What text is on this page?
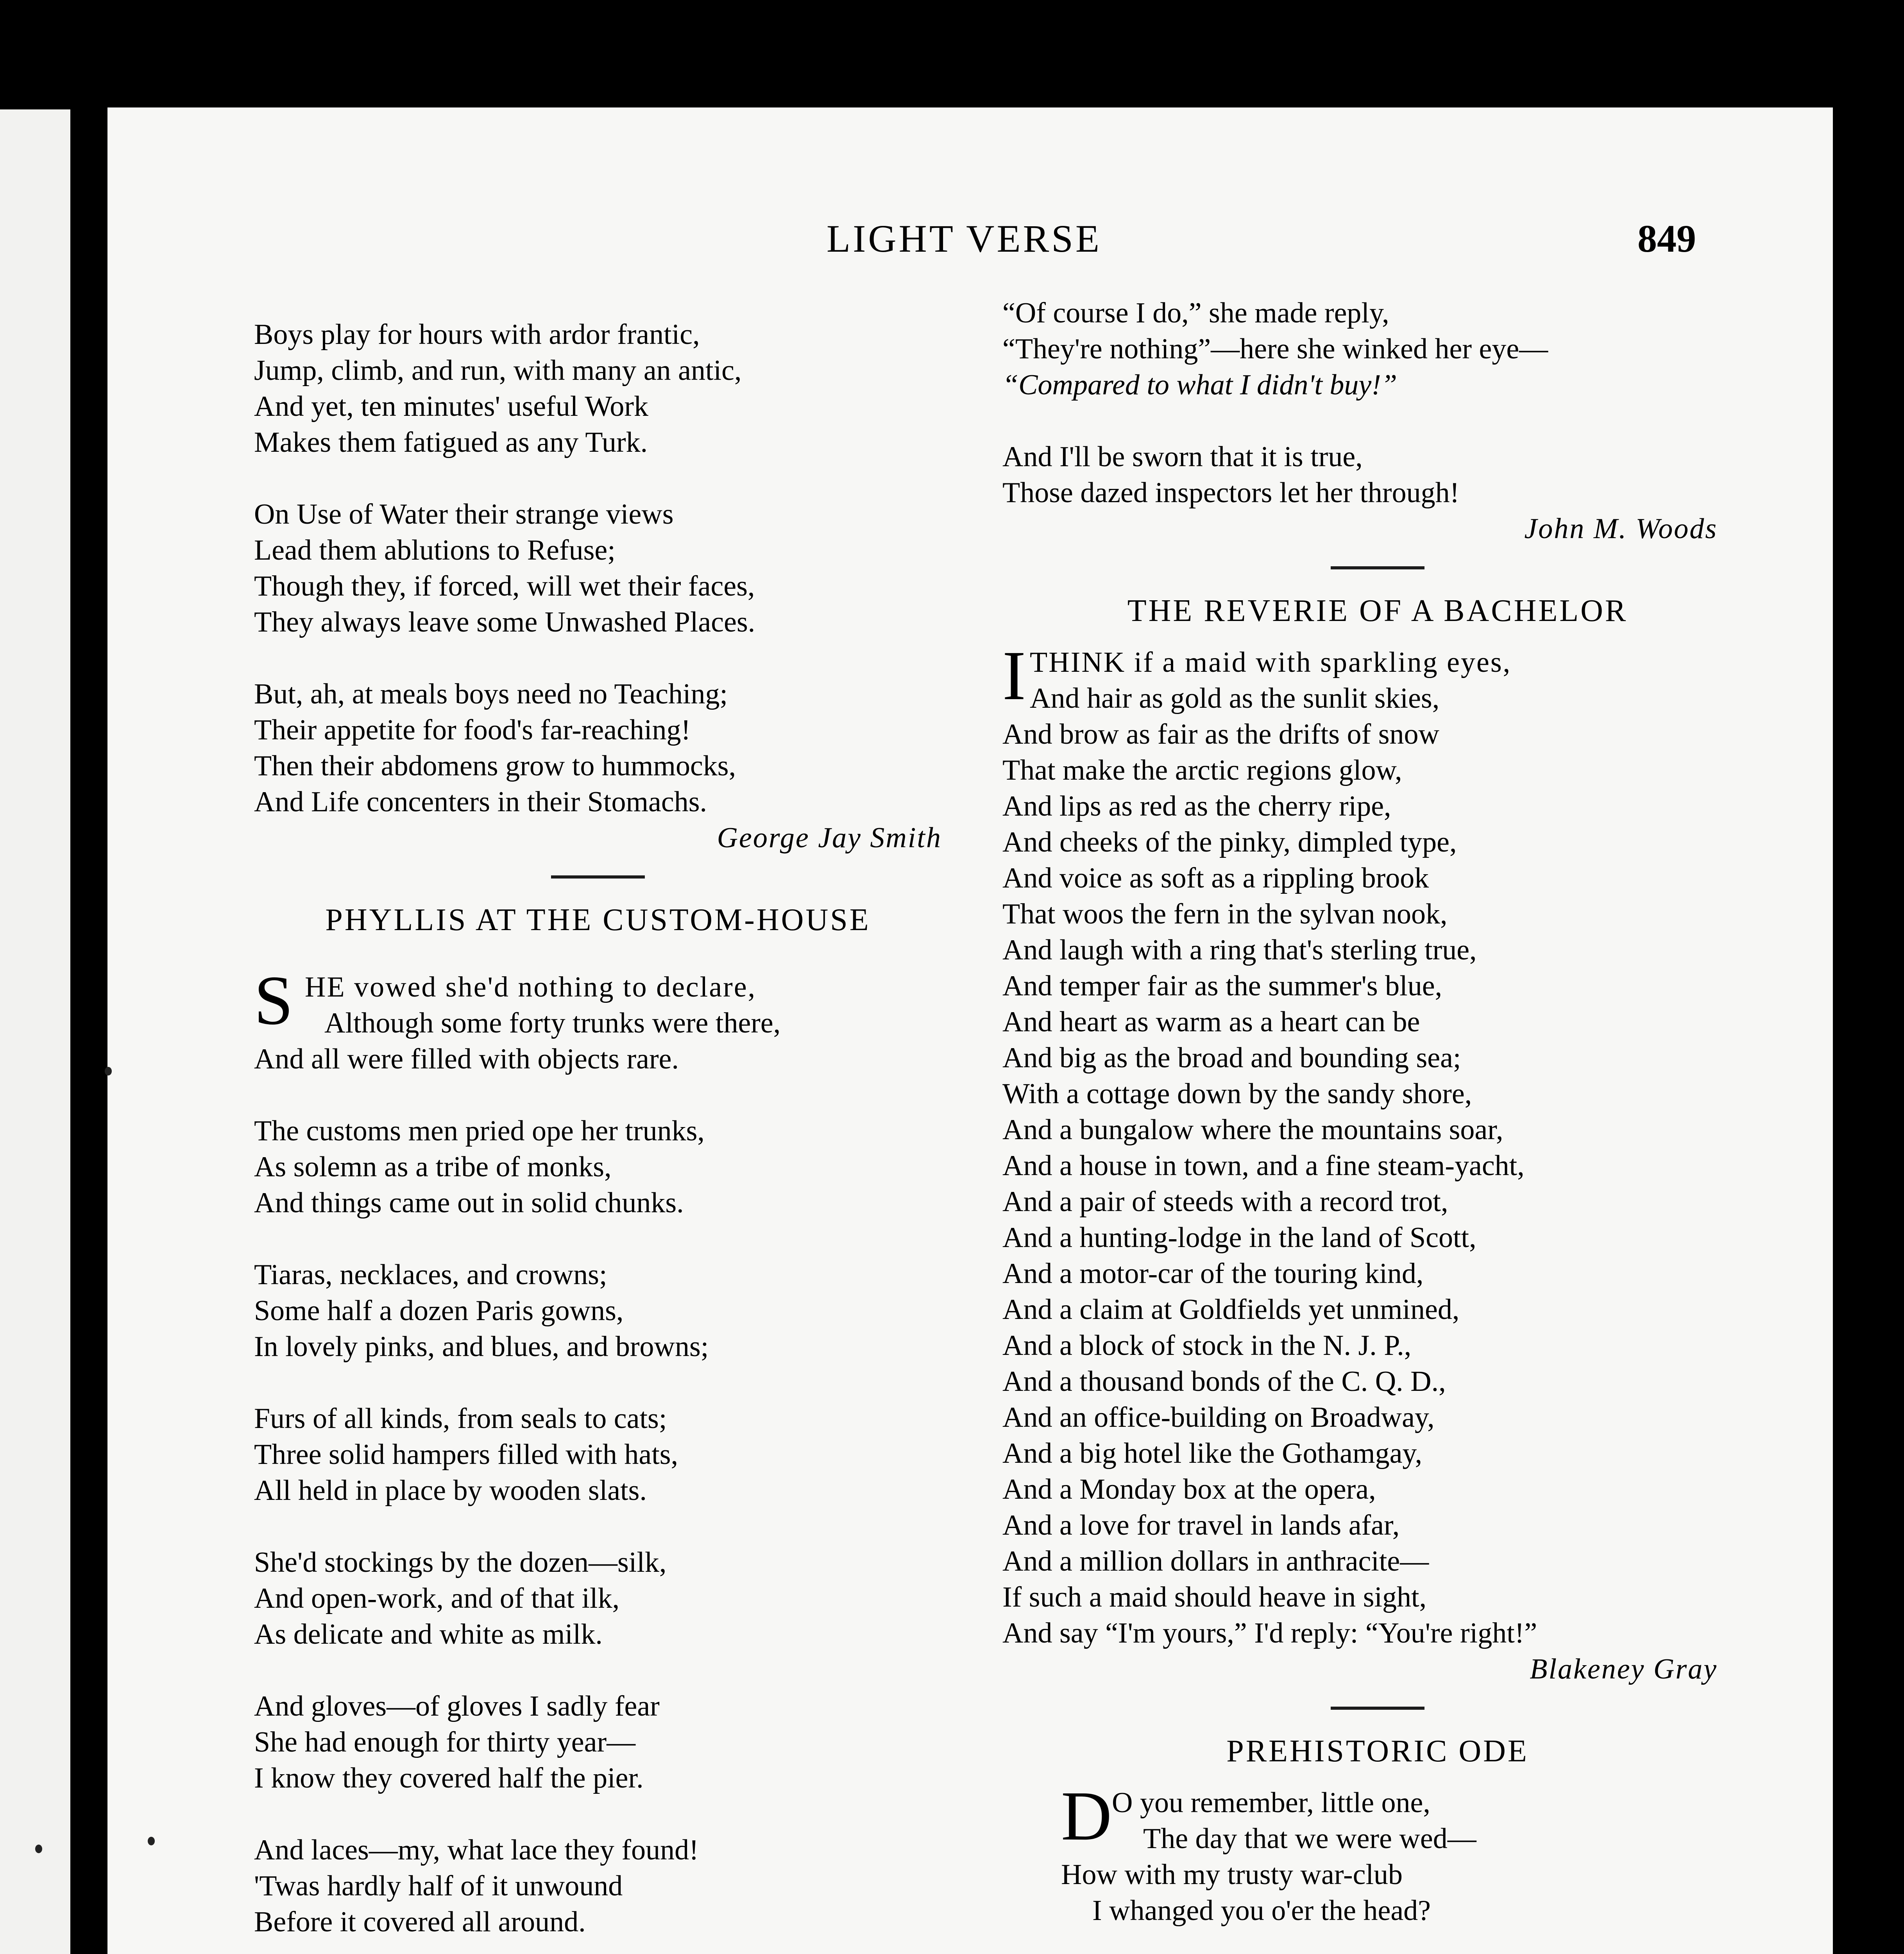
LIGHT VERSE	849
Boys play for hours with ardor frantic,
Jump, climb, and run, with many an antic,
And yet, ten minutes' useful Work
Makes them fatigued as any Turk.
On Use of Water their strange views
Lead them ablutions to Refuse;
Though they, if forced, will wet their faces,
They always leave some Unwashed Places.
But, ah, at meals boys need no Teaching;
Their appetite for food's far-reaching!
Then their abdomens grow to hummocks,
And Life concenters in their Stomachs.
George Jay Smith
PHYLLIS AT THE CUSTOM-HOUSE
S HE vowed she'd nothing to declare,
Although some forty trunks were there,
And all were filled with objects rare.
The customs men pried ope her trunks,
As solemn as a tribe of monks,
And things came out in solid chunks.
Tiaras, necklaces, and crowns;
Some half a dozen Paris gowns,
In lovely pinks, and blues, and browns;
Furs of all kinds, from seals to cats;
Three solid hampers filled with hats,
All held in place by wooden slats.
She'd stockings by the dozen—silk,
And open-work, and of that ilk,
As delicate and white as milk.
And gloves—of gloves I sadly fear
She had enough for thirty year—
I know they covered half the pier.
And laces—my, what lace they found!
'Twas hardly half of it unwound
Before it covered all around.
“Of course I do,” she made reply,
“They're nothing”—here she winked her eye—
“Compared to what I didn't buy!”
And I'll be sworn that it is true,
Those dazed inspectors let her through!
John M. Woods
THE REVERIE OF A BACHELOR
I THINK if a maid with sparkling eyes,
And hair as gold as the sunlit skies,
And brow as fair as the drifts of snow
That make the arctic regions glow,
And lips as red as the cherry ripe,
And cheeks of the pinky, dimpled type,
And voice as soft as a rippling brook
That woos the fern in the sylvan nook,
And laugh with a ring that's sterling true,
And temper fair as the summer's blue,
And heart as warm as a heart can be
And big as the broad and bounding sea;
With a cottage down by the sandy shore,
And a bungalow where the mountains soar,
And a house in town, and a fine steam-yacht,
And a pair of steeds with a record trot,
And a hunting-lodge in the land of Scott,
And a motor-car of the touring kind,
And a claim at Goldfields yet unmined,
And a block of stock in the N. J. P.,
And a thousand bonds of the C. Q. D.,
And an office-building on Broadway,
And a big hotel like the Gothamgay,
And a Monday box at the opera,
And a love for travel in lands afar,
And a million dollars in anthracite—
If such a maid should heave in sight,
And say “I'm yours,” I'd reply: “You're right!”
Blakeney Gray
PREHISTORIC ODE
D O you remember, little one,
The day that we were wed—
How with my trusty war-club
I whanged you o'er the head?
